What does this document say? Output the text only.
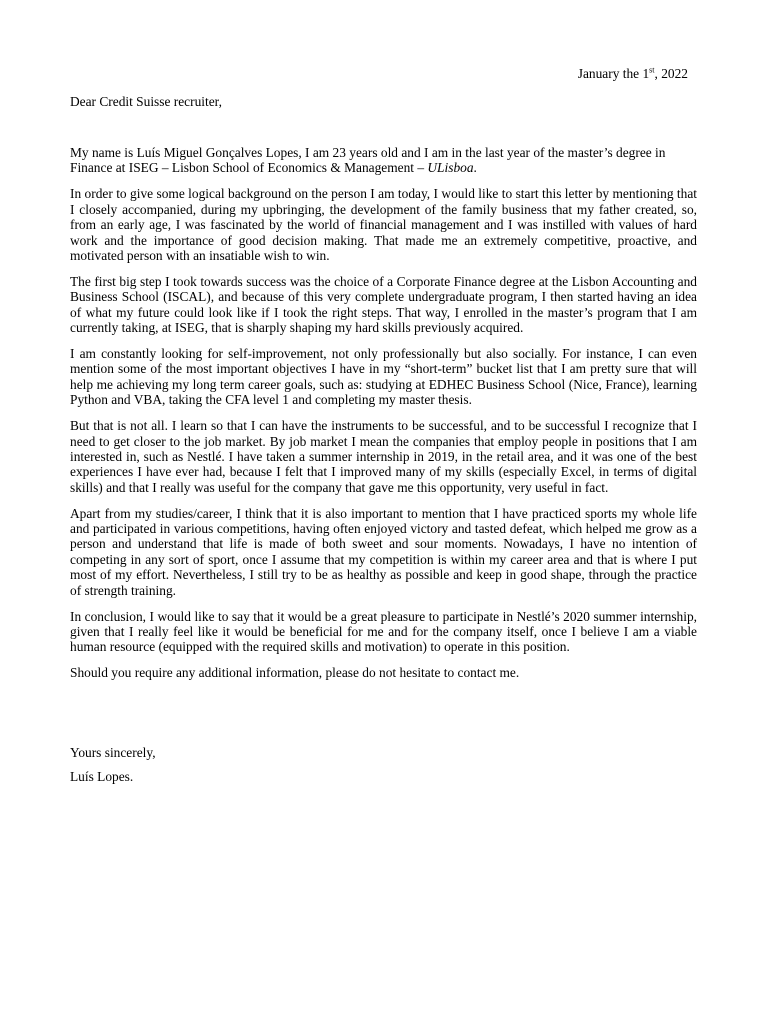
January the 1st, 2022
Dear Credit Suisse recruiter,

My name is Luís Miguel Gonçalves Lopes, I am 23 years old and I am in the last year of the master’s degree in Finance at ISEG – Lisbon School of Economics & Management – ULisboa.

In order to give some logical background on the person I am today, I would like to start this letter by mentioning that I closely accompanied, during my upbringing, the development of the family business that my father created, so, from an early age, I was fascinated by the world of financial management and I was instilled with values of hard work and the importance of good decision making. That made me an extremely competitive, proactive, and motivated person with an insatiable wish to win.

The first big step I took towards success was the choice of a Corporate Finance degree at the Lisbon Accounting and Business School (ISCAL), and because of this very complete undergraduate program, I then started having an idea of what my future could look like if I took the right steps. That way, I enrolled in the master’s program that I am currently taking, at ISEG, that is sharply shaping my hard skills previously acquired.

I am constantly looking for self-improvement, not only professionally but also socially. For instance, I can even mention some of the most important objectives I have in my “short-term” bucket list that I am pretty sure that will help me achieving my long term career goals, such as: studying at EDHEC Business School (Nice, France), learning Python and VBA, taking the CFA level 1 and completing my master thesis.

But that is not all. I learn so that I can have the instruments to be successful, and to be successful I recognize that I need to get closer to the job market. By job market I mean the companies that employ people in positions that I am interested in, such as Nestlé. I have taken a summer internship in 2019, in the retail area, and it was one of the best experiences I have ever had, because I felt that I improved many of my skills (especially Excel, in terms of digital skills) and that I really was useful for the company that gave me this opportunity, very useful in fact.

Apart from my studies/career, I think that it is also important to mention that I have practiced sports my whole life and participated in various competitions, having often enjoyed victory and tasted defeat, which helped me grow as a person and understand that life is made of both sweet and sour moments. Nowadays, I have no intention of competing in any sort of sport, once I assume that my competition is within my career area and that is where I put most of my effort. Nevertheless, I still try to be as healthy as possible and keep in good shape, through the practice of strength training.

In conclusion, I would like to say that it would be a great pleasure to participate in Nestlé’s 2020 summer internship, given that I really feel like it would be beneficial for me and for the company itself, once I believe I am a viable human resource (equipped with the required skills and motivation) to operate in this position.

Should you require any additional information, please do not hesitate to contact me.

Yours sincerely,
Luís Lopes.
